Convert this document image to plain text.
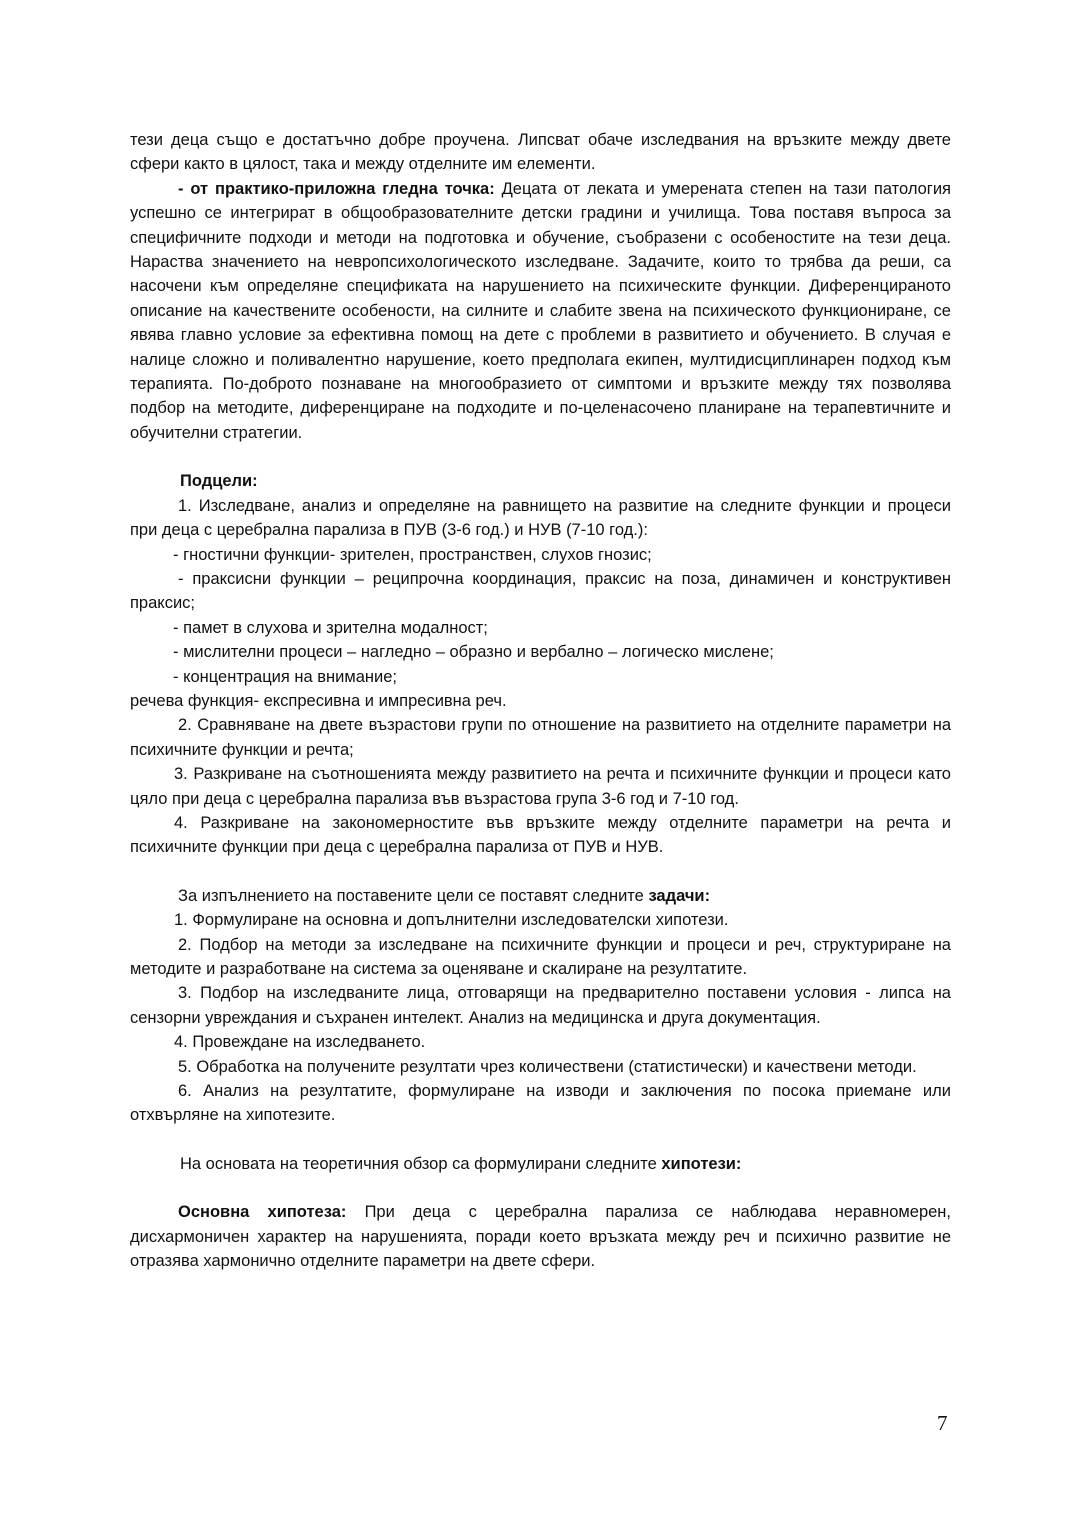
тези деца също е достатъчно добре проучена. Липсват обаче изследвания на връзките между двете сфери както в цялост, така и между отделните им елементи.

- от практико-приложна гледна точка: Децата от леката и умерената степен на тази патология успешно се интегрират в общообразователните детски градини и училища. Това поставя въпроса за специфичните подходи и методи на подготовка и обучение, съобразени с особеностите на тези деца. Нараства значението на невропсихологическото изследване. Задачите, които то трябва да реши, са насочени към определяне спецификата на нарушението на психическите функции. Диференцираното описание на качествените особености, на силните и слабите звена на психическото функциониране, се явява главно условие за ефективна помощ на дете с проблеми в развитието и обучението. В случая е налице сложно и поливалентно нарушение, което предполага екипен, мултидисциплинарен подход към терапията. По-доброто познаване на многообразието от симптоми и връзките между тях позволява подбор на методите, диференциране на подходите и по-целенасочено планиране на терапевтичните и обучителни стратегии.

Подцели:

1. Изследване, анализ и определяне на равнището на развитие на следните функции и процеси при деца с церебрална парализа в ПУВ (3-6 год.) и НУВ (7-10 год.):

- гностични функции- зрителен, пространствен, слухов гнозис;

- праксисни функции – реципрочна координация, праксис на поза, динамичен и конструктивен праксис;

- памет в слухова и зрителна модалност;

- мислителни процеси – нагледно – образно и вербално – логическо мислене;

- концентрация на внимание;

речева функция- експресивна и импресивна реч.

2. Сравняване на двете възрастови групи по отношение на развитието на отделните параметри на психичните функции и речта;

3. Разкриване на съотношенията между развитието на речта и психичните функции и процеси като цяло при деца с церебрална парализа във възрастова група 3-6 год и 7-10 год.

4. Разкриване на закономерностите във връзките между отделните параметри на речта и психичните функции при деца с церебрална парализа от ПУВ и НУВ.

За изпълнението на поставените цели се поставят следните задачи:

1. Формулиране на основна и допълнителни изследователски хипотези.

2. Подбор на методи за изследване на психичните функции и процеси и реч, структуриране на методите и разработване на система за оценяване и скалиране на резултатите.

3. Подбор на изследваните лица, отговарящи на предварително поставени условия - липса на сензорни увреждания и съхранен интелект. Анализ на медицинска и друга документация.

4. Провеждане на изследването.

5. Обработка на получените резултати чрез количествени (статистически) и качествени методи.

6. Анализ на резултатите, формулиране на изводи и заключения по посока приемане или отхвърляне на хипотезите.

На основата на теоретичния обзор са формулирани следните хипотези:

Основна хипотеза: При деца с церебрална парализа се наблюдава неравномерен, дисхармоничен характер на нарушенията, поради което връзката между реч и психично развитие не отразява хармонично отделните параметри на двете сфери.

7
